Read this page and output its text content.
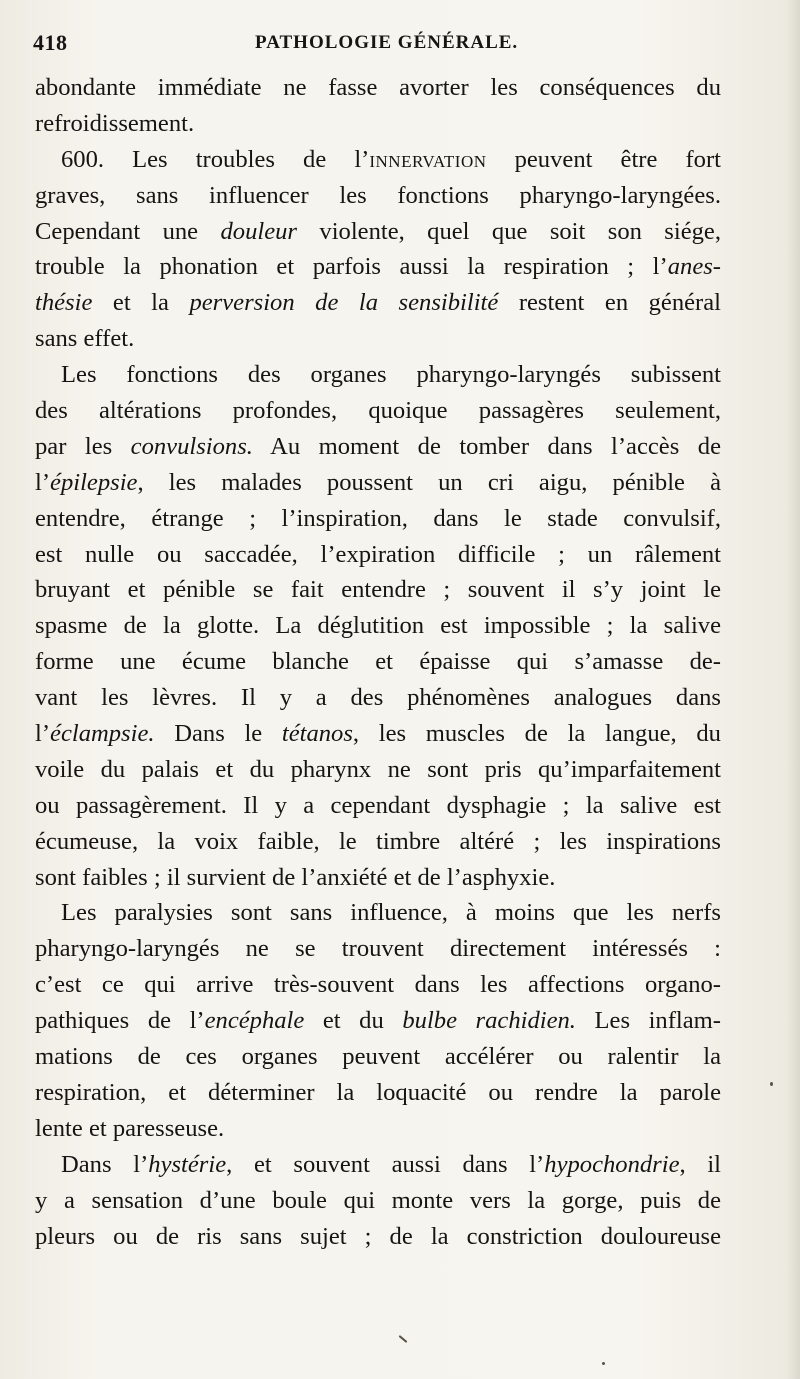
418	PATHOLOGIE GÉNÉRALE.
abondante immédiate ne fasse avorter les conséquences du
refroidissement.
600. Les troubles de l’innervation peuvent être fort
graves, sans influencer les fonctions pharyngo-laryngées.
Cependant une douleur violente, quel que soit son siége,
trouble la phonation et parfois aussi la respiration ; l’anes-
thésie et la perversion de la sensibilité restent en général
sans effet.
Les fonctions des organes pharyngo-laryngés subissent
des altérations profondes, quoique passagères seulement,
par les convulsions. Au moment de tomber dans l’accès de
l’épilepsie, les malades poussent un cri aigu, pénible à
entendre, étrange ; l’inspiration, dans le stade convulsif,
est nulle ou saccadée, l’expiration difficile ; un râlement
bruyant et pénible se fait entendre ; souvent il s’y joint le
spasme de la glotte. La déglutition est impossible ; la salive
forme une écume blanche et épaisse qui s’amasse de-
vant les lèvres. Il y a des phénomènes analogues dans
l’éclampsie. Dans le tétanos, les muscles de la langue, du
voile du palais et du pharynx ne sont pris qu’imparfaitement
ou passagèrement. Il y a cependant dysphagie ; la salive est
écumeuse, la voix faible, le timbre altéré ; les inspirations
sont faibles ; il survient de l’anxiété et de l’asphyxie.
Les paralysies sont sans influence, à moins que les nerfs
pharyngo-laryngés ne se trouvent directement intéressés :
c’est ce qui arrive très-souvent dans les affections organo-
pathiques de l’encéphale et du bulbe rachidien. Les inflam-
mations de ces organes peuvent accélérer ou ralentir la
respiration, et déterminer la loquacité ou rendre la parole
lente et paresseuse.
Dans l’hystérie, et souvent aussi dans l’hypochondrie, il
y a sensation d’une boule qui monte vers la gorge, puis de
pleurs ou de ris sans sujet ; de la constriction douloureuse
